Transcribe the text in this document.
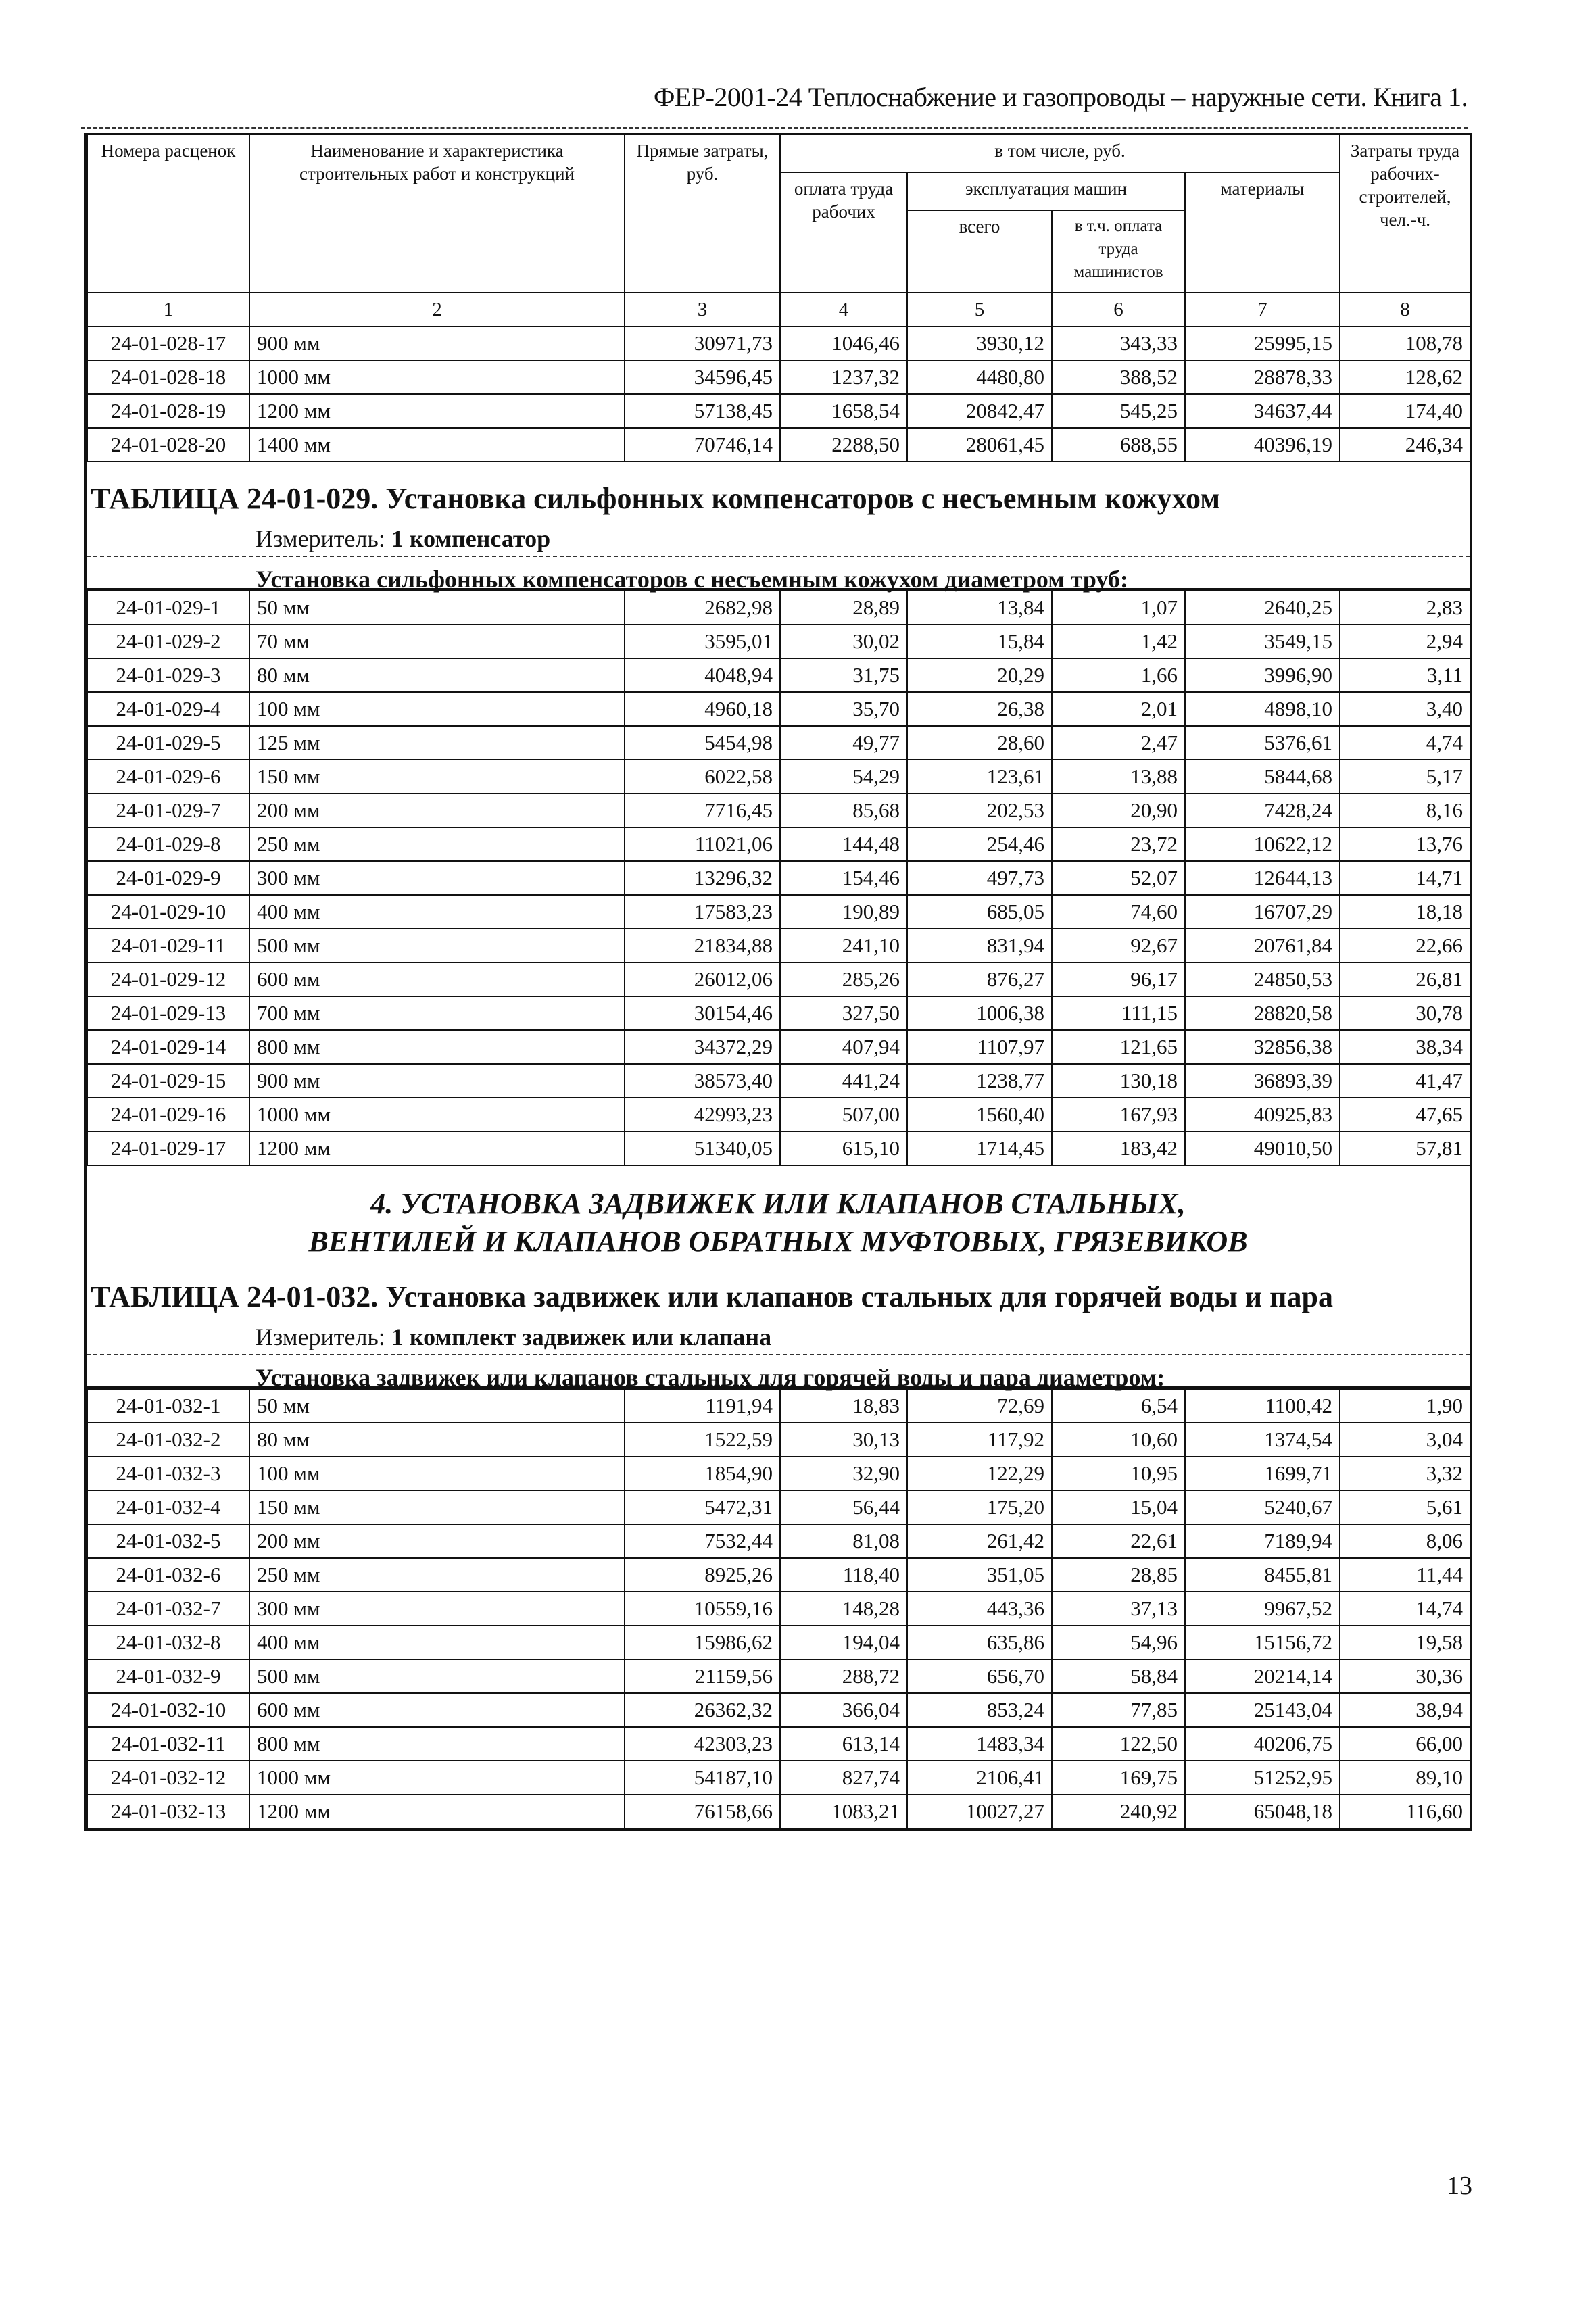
ФЕР-2001-24 Теплоснабжение и газопроводы – наружные сети. Книга 1.
Номера расценок	Наименование и характеристика строительных работ и конструкций	Прямые затраты, руб.	в том числе, руб.				Затраты труда рабочих-строителей, чел.-ч.
			оплата труда рабочих	эксплуатация машин		материалы	
				всего	в т.ч. оплата труда машинистов		
1	2	3	4	5	6	7	8
24-01-028-17	900 мм	30971,73	1046,46	3930,12	343,33	25995,15	108,78
24-01-028-18	1000 мм	34596,45	1237,32	4480,80	388,52	28878,33	128,62
24-01-028-19	1200 мм	57138,45	1658,54	20842,47	545,25	34637,44	174,40
24-01-028-20	1400 мм	70746,14	2288,50	28061,45	688,55	40396,19	246,34
ТАБЛИЦА 24-01-029. Установка сильфонных компенсаторов с несъемным кожухом
Измеритель: 1 компенсатор
Установка сильфонных компенсаторов с несъемным кожухом диаметром труб:
24-01-029-1	50 мм	2682,98	28,89	13,84	1,07	2640,25	2,83
24-01-029-2	70 мм	3595,01	30,02	15,84	1,42	3549,15	2,94
24-01-029-3	80 мм	4048,94	31,75	20,29	1,66	3996,90	3,11
24-01-029-4	100 мм	4960,18	35,70	26,38	2,01	4898,10	3,40
24-01-029-5	125 мм	5454,98	49,77	28,60	2,47	5376,61	4,74
24-01-029-6	150 мм	6022,58	54,29	123,61	13,88	5844,68	5,17
24-01-029-7	200 мм	7716,45	85,68	202,53	20,90	7428,24	8,16
24-01-029-8	250 мм	11021,06	144,48	254,46	23,72	10622,12	13,76
24-01-029-9	300 мм	13296,32	154,46	497,73	52,07	12644,13	14,71
24-01-029-10	400 мм	17583,23	190,89	685,05	74,60	16707,29	18,18
24-01-029-11	500 мм	21834,88	241,10	831,94	92,67	20761,84	22,66
24-01-029-12	600 мм	26012,06	285,26	876,27	96,17	24850,53	26,81
24-01-029-13	700 мм	30154,46	327,50	1006,38	111,15	28820,58	30,78
24-01-029-14	800 мм	34372,29	407,94	1107,97	121,65	32856,38	38,34
24-01-029-15	900 мм	38573,40	441,24	1238,77	130,18	36893,39	41,47
24-01-029-16	1000 мм	42993,23	507,00	1560,40	167,93	40925,83	47,65
24-01-029-17	1200 мм	51340,05	615,10	1714,45	183,42	49010,50	57,81
4. УСТАНОВКА ЗАДВИЖЕК ИЛИ КЛАПАНОВ СТАЛЬНЫХ,
ВЕНТИЛЕЙ И КЛАПАНОВ ОБРАТНЫХ МУФТОВЫХ, ГРЯЗЕВИКОВ
ТАБЛИЦА 24-01-032. Установка задвижек или клапанов стальных для горячей воды и пара
Измеритель: 1 комплект задвижек или клапана
Установка задвижек или клапанов стальных для горячей воды и пара диаметром:
24-01-032-1	50 мм	1191,94	18,83	72,69	6,54	1100,42	1,90
24-01-032-2	80 мм	1522,59	30,13	117,92	10,60	1374,54	3,04
24-01-032-3	100 мм	1854,90	32,90	122,29	10,95	1699,71	3,32
24-01-032-4	150 мм	5472,31	56,44	175,20	15,04	5240,67	5,61
24-01-032-5	200 мм	7532,44	81,08	261,42	22,61	7189,94	8,06
24-01-032-6	250 мм	8925,26	118,40	351,05	28,85	8455,81	11,44
24-01-032-7	300 мм	10559,16	148,28	443,36	37,13	9967,52	14,74
24-01-032-8	400 мм	15986,62	194,04	635,86	54,96	15156,72	19,58
24-01-032-9	500 мм	21159,56	288,72	656,70	58,84	20214,14	30,36
24-01-032-10	600 мм	26362,32	366,04	853,24	77,85	25143,04	38,94
24-01-032-11	800 мм	42303,23	613,14	1483,34	122,50	40206,75	66,00
24-01-032-12	1000 мм	54187,10	827,74	2106,41	169,75	51252,95	89,10
24-01-032-13	1200 мм	76158,66	1083,21	10027,27	240,92	65048,18	116,60
13
